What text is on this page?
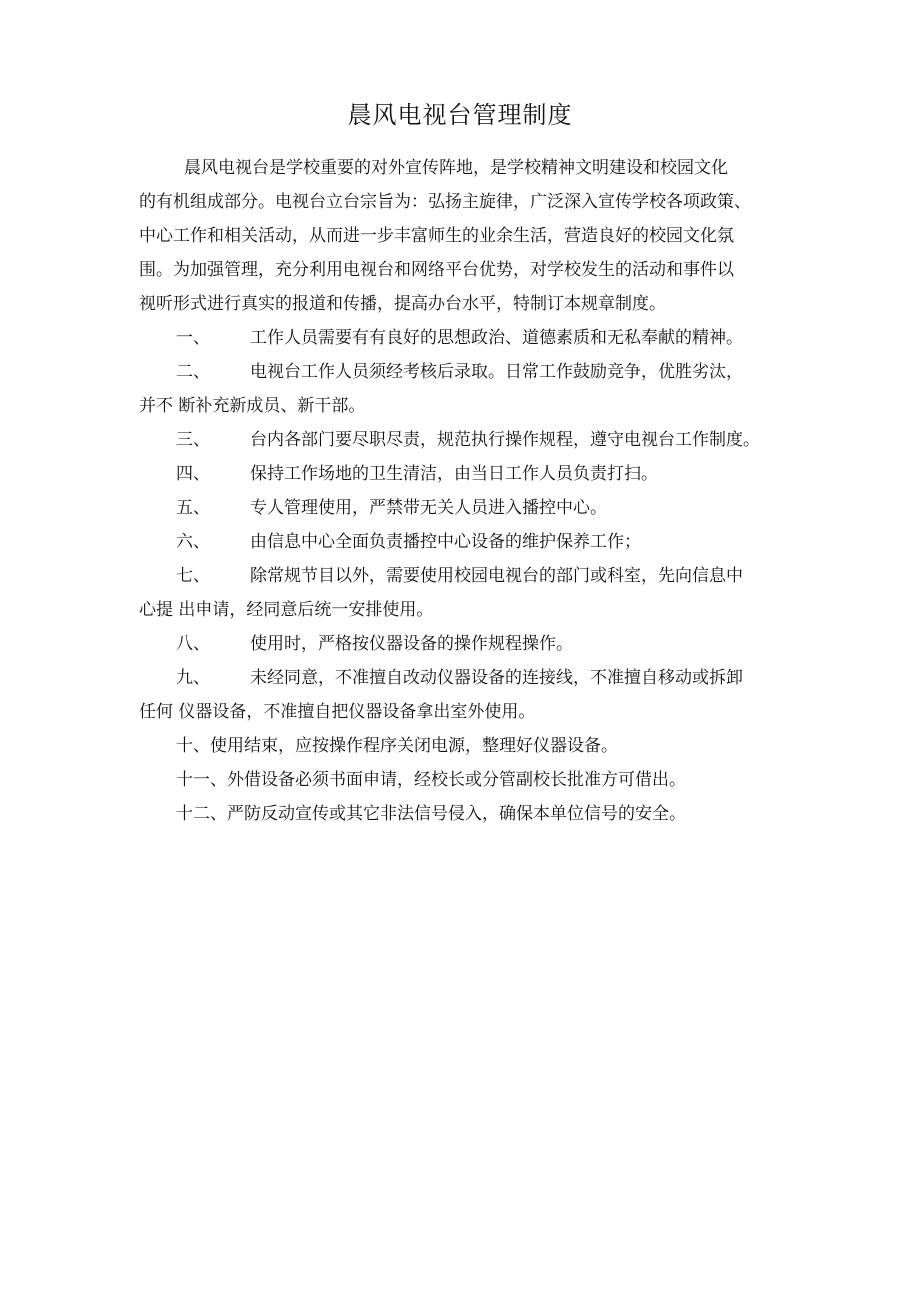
晨风电视台管理制度
晨风电视台是学校重要的对外宣传阵地，是学校精神文明建设和校园文化
的有机组成部分。电视台立台宗旨为：弘扬主旋律，广泛深入宣传学校各项政策、
中心工作和相关活动，从而进一步丰富师生的业余生活，营造良好的校园文化氛
围。为加强管理，充分利用电视台和网络平台优势，对学校发生的活动和事件以
视听形式进行真实的报道和传播，提高办台水平，特制订本规章制度。
一、 工作人员需要有有良好的思想政治、道德素质和无私奉献的精神。
二、 电视台工作人员须经考核后录取。日常工作鼓励竞争，优胜劣汰，
并不 断补充新成员、新干部。
三、 台内各部门要尽职尽责，规范执行操作规程，遵守电视台工作制度。
四、 保持工作场地的卫生清洁，由当日工作人员负责打扫。
五、 专人管理使用，严禁带无关人员进入播控中心。
六、 由信息中心全面负责播控中心设备的维护保养工作；
七、 除常规节目以外，需要使用校园电视台的部门或科室，先向信息中
心提 出申请，经同意后统一安排使用。
八、 使用时，严格按仪器设备的操作规程操作。
九、 未经同意，不准擅自改动仪器设备的连接线，不准擅自移动或拆卸
任何 仪器设备，不准擅自把仪器设备拿出室外使用。
十、使用结束，应按操作程序关闭电源，整理好仪器设备。
十一、外借设备必须书面申请，经校长或分管副校长批准方可借出。
十二、严防反动宣传或其它非法信号侵入，确保本单位信号的安全。
